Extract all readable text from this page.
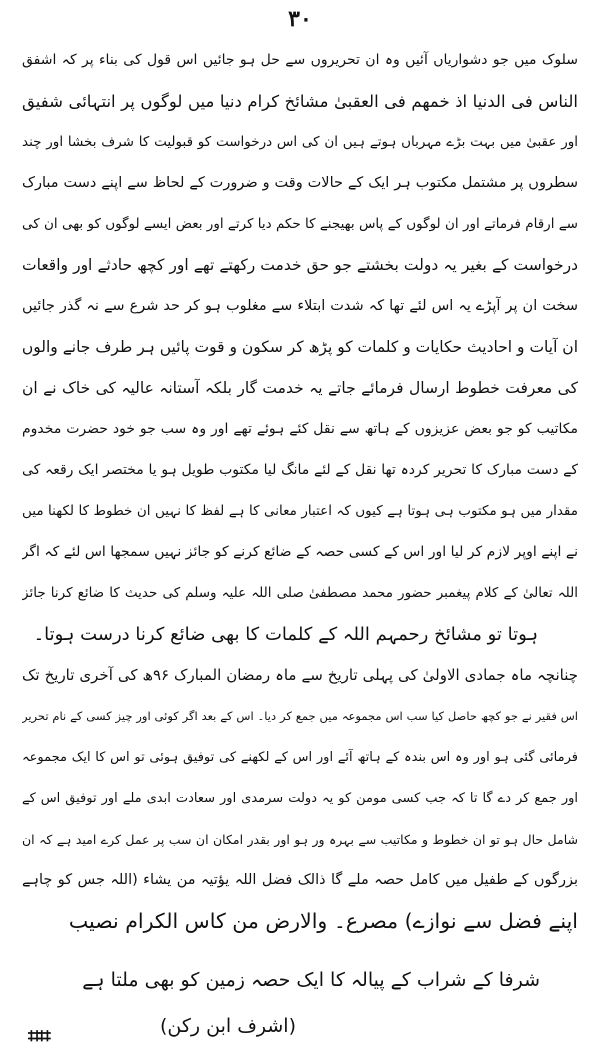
۳۰
سلوک میں جو دشواریاں آئیں وہ ان تحریروں سے حل ہو جائیں اس قول کی بناء پر کہ اشفق
الناس فی الدنیا اذ خمھم فی العقبیٰ مشائخ کرام دنیا میں لوگوں پر انتہائی شفیق
اور عقبیٰ میں بہت بڑے مہرباں ہوتے ہیں ان کی اس درخواست کو قبولیت کا شرف بخشا اور چند
سطروں پر مشتمل مکتوب ہر ایک کے حالات وقت و ضرورت کے لحاظ سے اپنے دست مبارک
سے ارقام فرماتے اور ان لوگوں کے پاس بھیجنے کا حکم دیا کرتے اور بعض ایسے لوگوں کو بھی ان کی
درخواست کے بغیر یہ دولت بخشتے جو حق خدمت رکھتے تھے اور کچھ حادثے اور واقعات
سخت ان پر آپڑے یہ اس لئے تھا کہ شدت ابتلاء سے مغلوب ہو کر حد شرع سے نہ گذر جائیں
ان آیات و احادیث حکایات و کلمات کو پڑھ کر سکون و قوت پائیں ہر طرف جانے والوں
کی معرفت خطوط ارسال فرمائے جاتے یہ خدمت گار بلکہ آستانہ عالیہ کی خاک نے ان
مکاتیب کو جو بعض عزیزوں کے ہاتھ سے نقل کئے ہوئے تھے اور وہ سب جو خود حضرت مخدوم
کے دست مبارک کا تحریر کردہ تھا نقل کے لئے مانگ لیا مکتوب طویل ہو یا مختصر ایک رقعہ کی
مقدار میں ہو مکتوب ہی ہوتا ہے کیوں کہ اعتبار معانی کا ہے لفظ کا نہیں ان خطوط کا لکھنا میں
نے اپنے اوپر لازم کر لیا اور اس کے کسی حصہ کے ضائع کرنے کو جائز نہیں سمجھا اس لئے کہ اگر
اللہ تعالیٰ کے کلام پیغمبر حضور محمد مصطفیٰ صلی اللہ علیہ وسلم کی حدیث کا ضائع کرنا جائز
ہوتا تو مشائخ رحمہم اللہ کے کلمات کا بھی ضائع کرنا درست ہوتا۔
چنانچہ ماہ جمادی الاولیٰ کی پہلی تاریخ سے ماہ رمضان المبارک ۹۶ھ کی آخری تاریخ تک
اس فقیر نے جو کچھ حاصل کیا سب اس مجموعہ میں جمع کر دیا۔ اس کے بعد اگر کوئی اور چیز کسی کے نام تحریر
فرمائی گئی ہو اور وہ اس بندہ کے ہاتھ آئے اور اس کے لکھنے کی توفیق ہوئی تو اس کا ایک مجموعہ
اور جمع کر دے گا تا کہ جب کسی مومن کو یہ دولت سرمدی اور سعادت ابدی ملے اور توفیق اس کے
شامل حال ہو تو ان خطوط و مکاتیب سے بہرہ ور ہو اور بقدر امکان ان سب پر عمل کرے امید ہے کہ ان
بزرگوں کے طفیل میں کامل حصہ ملے گا ذالک فضل اللہ یؤتیہ من یشاء (اللہ جس کو چاہے
اپنے فضل سے نوازے) مصرع۔ والارض من کاس الکرام نصیب
شرفا کے شراب کے پیالہ کا ایک حصہ زمین کو بھی ملتا ہے
(اشرف ابن رکن)
⌗⌗
